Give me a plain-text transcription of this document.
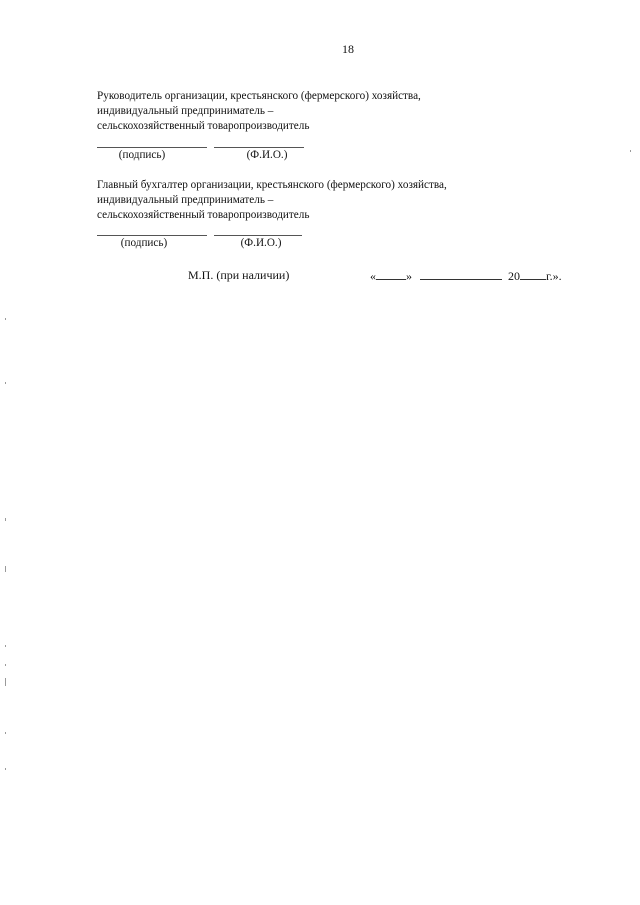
18
Руководитель организации, крестьянского (фермерского) хозяйства,
индивидуальный предприниматель –
сельскохозяйственный товаропроизводитель
(подпись)	(Ф.И.О.)
Главный бухгалтер организации, крестьянского (фермерского) хозяйства,
индивидуальный предприниматель –
сельскохозяйственный товаропроизводитель
(подпись)	(Ф.И.О.)
М.П. (при наличии)	«	»	20 г.».
